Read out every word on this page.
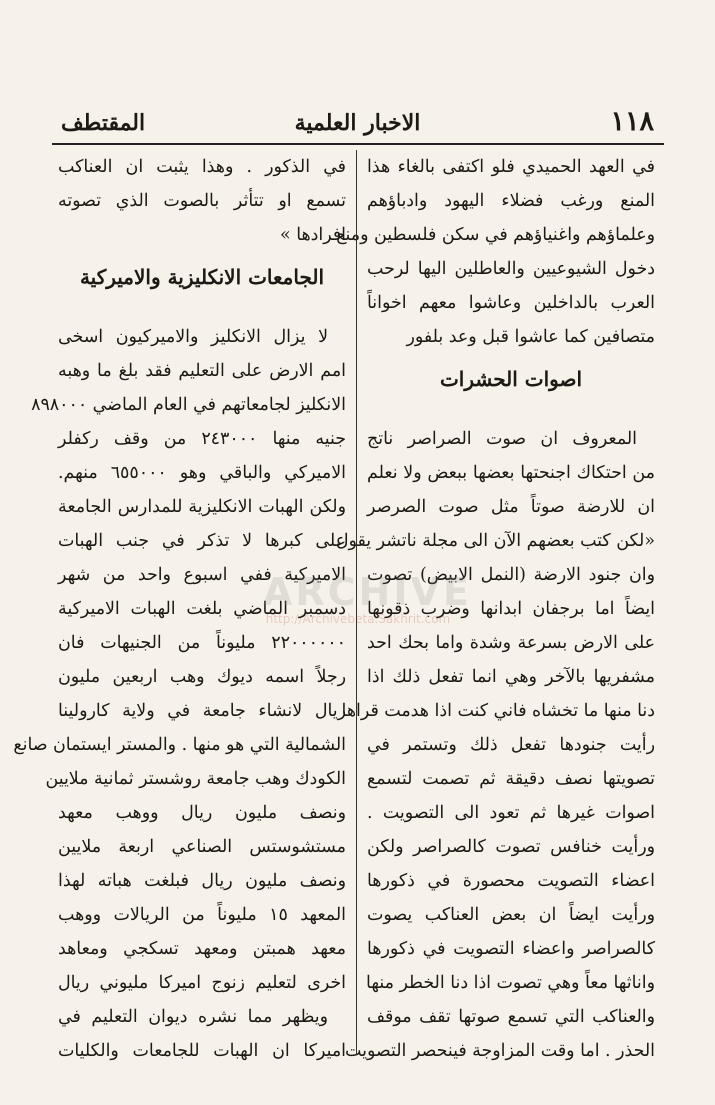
١١٨
الاخبار العلمية
المقتطف

في العهد الحميدي فلو اكتفى بالغاء هذا
المنع ورغب فضلاء اليهود وادباؤهم
وعلماؤهم واغنياؤهم في سكن فلسطين ومنع
دخول الشيوعيين والعاطلين اليها لرحب
العرب بالداخلين وعاشوا معهم اخواناً
متصافين كما عاشوا قبل وعد بلفور

اصوات الحشرات

المعروف ان صوت الصراصر ناتج
من احتكاك اجنحتها بعضها ببعض ولا نعلم
ان للارضة صوتاً مثل صوت الصرصر
«لكن كتب بعضهم الآن الى مجلة ناتشر يقول
وان جنود الارضة (النمل الابيض) تصوت
ايضاً اما برجفان ابدانها وضرب ذقونها
على الارض بسرعة وشدة واما بحك احد
مشفريها بالآخر وهي انما تفعل ذلك اذا
دنا منها ما تخشاه فاني كنت اذا هدمت قراها
رأيت جنودها تفعل ذلك وتستمر في
تصويتها نصف دقيقة ثم تصمت لتسمع
اصوات غيرها ثم تعود الى التصويت .
ورأيت خنافس تصوت كالصراصر ولكن
اعضاء التصويت محصورة في ذكورها
ورأيت ايضاً ان بعض العناكب يصوت
كالصراصر واعضاء التصويت في ذكورها
واناثها معاً وهي تصوت اذا دنا الخطر منها
والعناكب التي تسمع صوتها تقف موقف
الحذر . اما وقت المزاوجة فينحصر التصويت

في الذكور . وهذا يثبت ان العناكب
تسمع او تتأثر بالصوت الذي تصوته
افرادها »

الجامعات الانكليزية والاميركية

لا يزال الانكليز والاميركيون اسخى
امم الارض على التعليم فقد بلغ ما وهبه
الانكليز لجامعاتهم في العام الماضي ٨٩٨٠٠٠
جنيه منها ٢٤٣٠٠٠ من وقف ركفلر
الاميركي والباقي وهو ٦٥٥٠٠٠ منهم.
ولكن الهبات الانكليزية للمدارس الجامعة
على كبرها لا تذكر في جنب الهبات
الاميركية ففي اسبوع واحد من شهر
دسمبر الماضي بلغت الهبات الاميركية
٢٢٠٠٠٠٠٠ مليوناً من الجنيهات فان
رجلاً اسمه ديوك وهب اربعين مليون
ريال لانشاء جامعة في ولاية كارولينا
الشمالية التي هو منها . والمستر ايستمان صانع
الكودك وهب جامعة روشستر ثمانية ملايين
ونصف مليون ريال ووهب معهد
مستشوستس الصناعي اربعة ملايين
ونصف مليون ريال فبلغت هباته لهذا
المعهد ١٥ مليوناً من الريالات ووهب
معهد همبتن ومعهد تسكجي ومعاهد
اخرى لتعليم زنوج اميركا مليوني ريال
ويظهر مما نشره ديوان التعليم في
اميركا ان الهبات للجامعات والكليات

ARCHIVE
http://Archivebeta.Sakhrit.com
